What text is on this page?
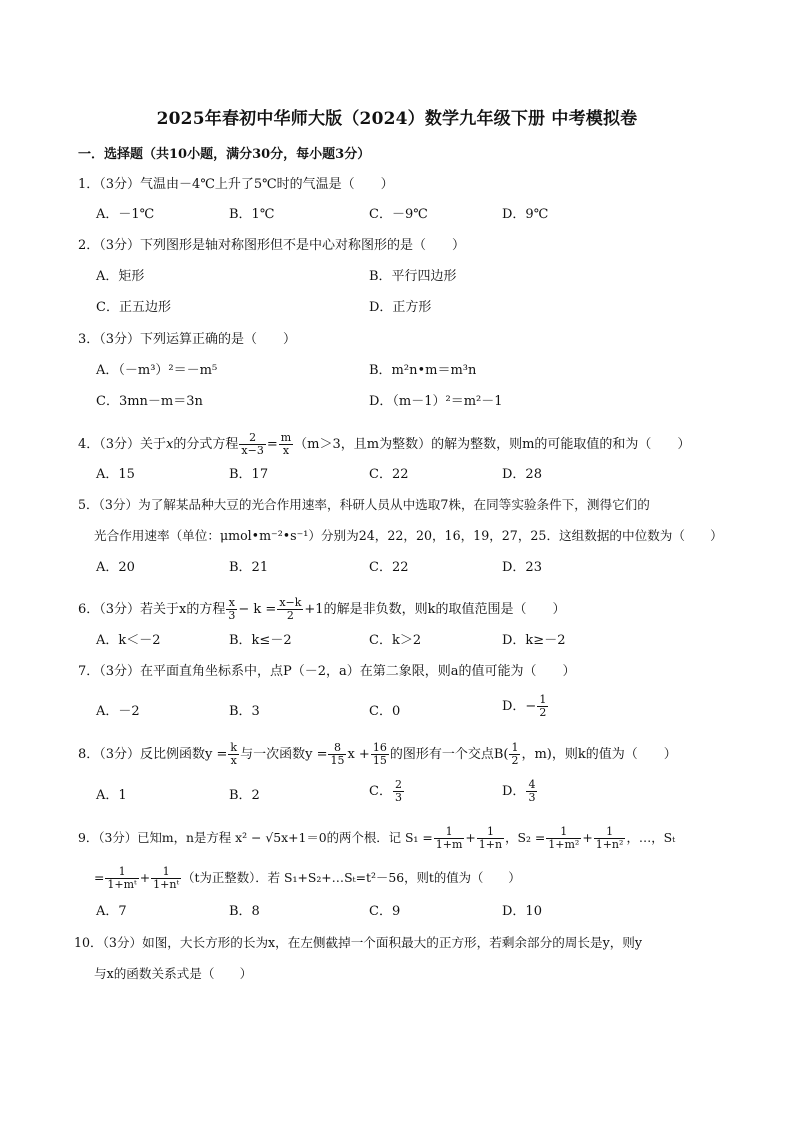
2025年春初中华师大版（2024）数学九年级下册 中考模拟卷
一．选择题（共10小题，满分30分，每小题3分）
1．（3分）气温由－4℃上升了5℃时的气温是（　　）
A．－1℃	B．1℃	C．－9℃	D．9℃
2．（3分）下列图形是轴对称图形但不是中心对称图形的是（　　）
A．矩形	B．平行四边形
C．正五边形	D．正方形
3．（3分）下列运算正确的是（　　）
A．（－m³）²＝－m⁵	B．m²n•m＝m³n
C．3mn－m＝3n	D．（m－1）²＝m²－1
4．（3分）关于x的分式方程 $\frac{2}{x-3} = \frac{m}{x} (m>3$，且m为整数）的解为整数，则m的可能取值的和为（　　）
A．15	B．17	C．22	D．28
5．（3分）为了解某品种大豆的光合作用速率，科研人员从中选取7株，在同等实验条件下，测得它们的
光合作用速率（单位：μmol•m⁻²•s⁻¹）分别为24，22，20，16，19，27，25．这组数据的中位数为（　　）
A．20	B．21	C．22	D．23
6．（3分）若关于x的方程 $\frac{x}{3} - k = \frac{x-k}{2} +1$的解是非负数，则k的取值范围是（　　）
A．k＜－2	B．k≤－2	C．k＞2	D．k≥－2
7．（3分）在平面直角坐标系中，点P（－2，a）在第二象限，则a的值可能为（　　）
A．－2	B．3	C．0	D．− $\frac{1}{2}$
8．（3分）反比例函数$y = \frac{k}{x}$ 与一次函数$y = \frac{8}{15}$ $x + \frac{16}{15}$ 的图形有一个交点$B( \frac{1}{2}$ ，m)，则k的值为（　　）
A．1	B．2	C． $\frac{2}{3}$	D． $\frac{4}{3}$
9．（3分）已知m，n是方程 x² − √5x+1＝0的两个根．记 $S_1 = \frac{1}{1+m} + \frac{1}{1+n}$ ，$S_2 = \frac{1}{\text{1+m²}} + \frac{1}{\text{1+n²}}$ ，…，Sₜ
= $\frac{1}{\text{1+mᵗ}} + \frac{1}{\text{1+nᵗ}} (t$为正整数）．若 S₁+S₂+…Sₜ=t²－56，则t的值为（　　）
A．7	B．8	C．9	D．10
10．（3分）如图，大长方形的长为x，在左侧截掉一个面积最大的正方形，若剩余部分的周长是y，则y
与x的函数关系式是（　　）
